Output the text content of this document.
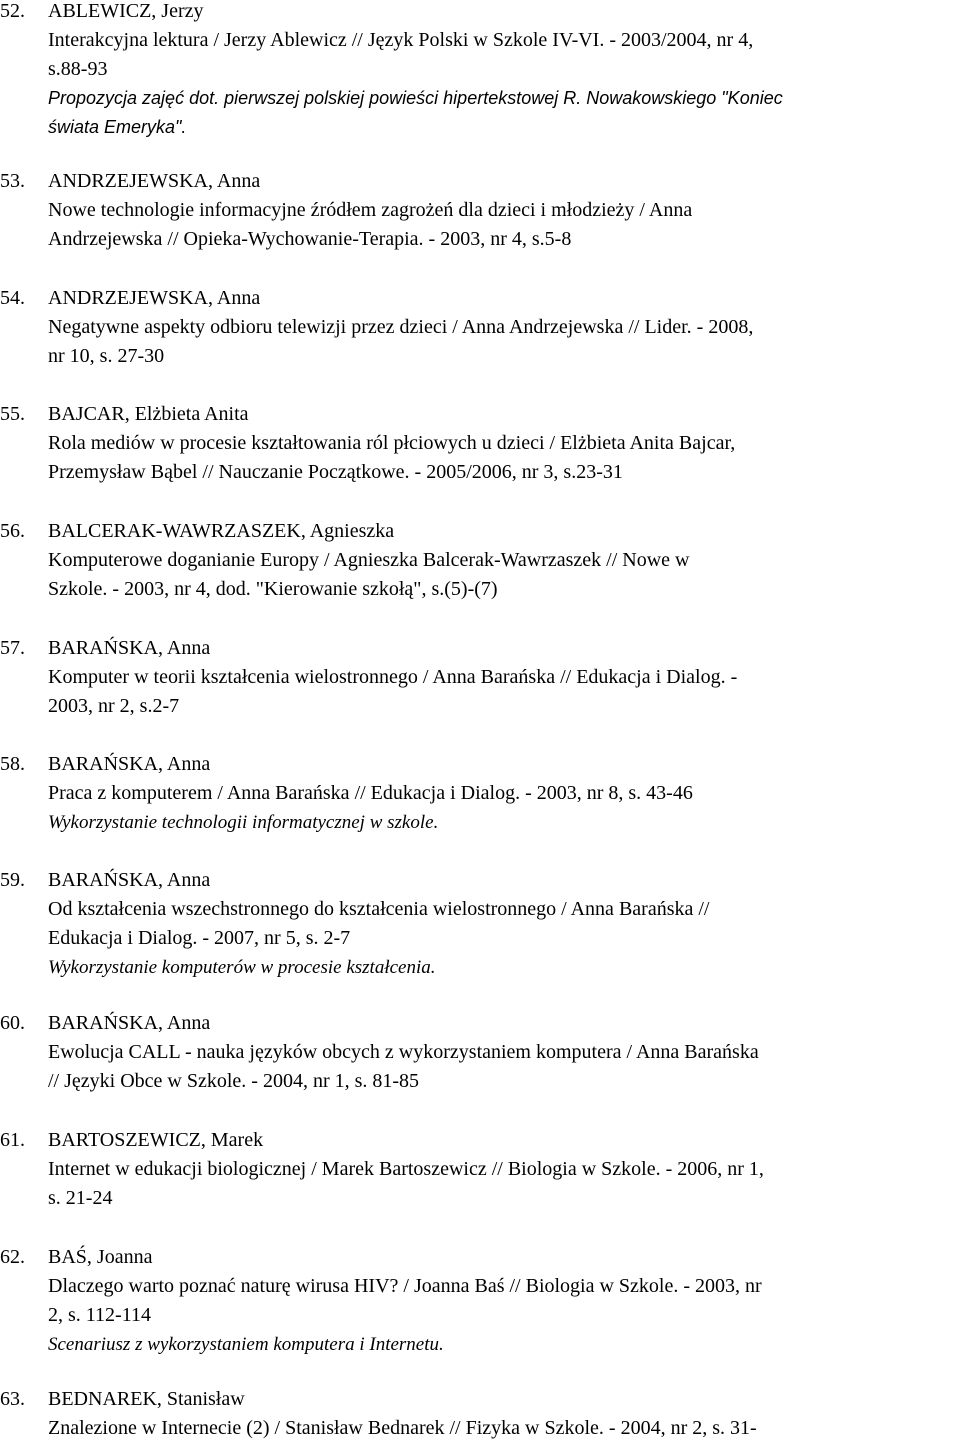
52. ABLEWICZ, Jerzy
Interakcyjna lektura / Jerzy Ablewicz // Język Polski w Szkole IV-VI. - 2003/2004, nr 4,
s.88-93
Propozycja zajęć dot. pierwszej polskiej powieści hipertekstowej R. Nowakowskiego "Koniec
świata Emeryka".
53. ANDRZEJEWSKA, Anna
Nowe technologie informacyjne źródłem zagrożeń dla dzieci i młodzieży / Anna
Andrzejewska // Opieka-Wychowanie-Terapia. - 2003, nr 4, s.5-8
54. ANDRZEJEWSKA, Anna
Negatywne aspekty odbioru telewizji przez dzieci / Anna Andrzejewska // Lider. - 2008,
nr 10, s. 27-30
55. BAJCAR, Elżbieta Anita
Rola mediów w procesie kształtowania ról płciowych u dzieci / Elżbieta Anita Bajcar,
Przemysław Bąbel // Nauczanie Początkowe. - 2005/2006, nr 3, s.23-31
56. BALCERAK-WAWRZASZEK, Agnieszka
Komputerowe doganianie Europy / Agnieszka Balcerak-Wawrzaszek // Nowe w
Szkole. - 2003, nr 4, dod. "Kierowanie szkołą", s.(5)-(7)
57. BARAŃSKA, Anna
Komputer w teorii kształcenia wielostronnego / Anna Barańska // Edukacja i Dialog. -
2003, nr 2, s.2-7
58. BARAŃSKA, Anna
Praca z komputerem / Anna Barańska // Edukacja i Dialog. - 2003, nr 8, s. 43-46
Wykorzystanie technologii informatycznej w szkole.
59. BARAŃSKA, Anna
Od kształcenia wszechstronnego do kształcenia wielostronnego / Anna Barańska //
Edukacja i Dialog. - 2007, nr 5, s. 2-7
Wykorzystanie komputerów w procesie kształcenia.
60. BARAŃSKA, Anna
Ewolucja CALL - nauka języków obcych z wykorzystaniem komputera / Anna Barańska
// Języki Obce w Szkole. - 2004, nr 1, s. 81-85
61. BARTOSZEWICZ, Marek
Internet w edukacji biologicznej / Marek Bartoszewicz // Biologia w Szkole. - 2006, nr 1,
s. 21-24
62. BAŚ, Joanna
Dlaczego warto poznać naturę wirusa HIV? / Joanna Baś // Biologia w Szkole. - 2003, nr
2, s. 112-114
Scenariusz z wykorzystaniem komputera i Internetu.
63. BEDNAREK, Stanisław
Znalezione w Internecie (2) / Stanisław Bednarek // Fizyka w Szkole. - 2004, nr 2, s. 31-
